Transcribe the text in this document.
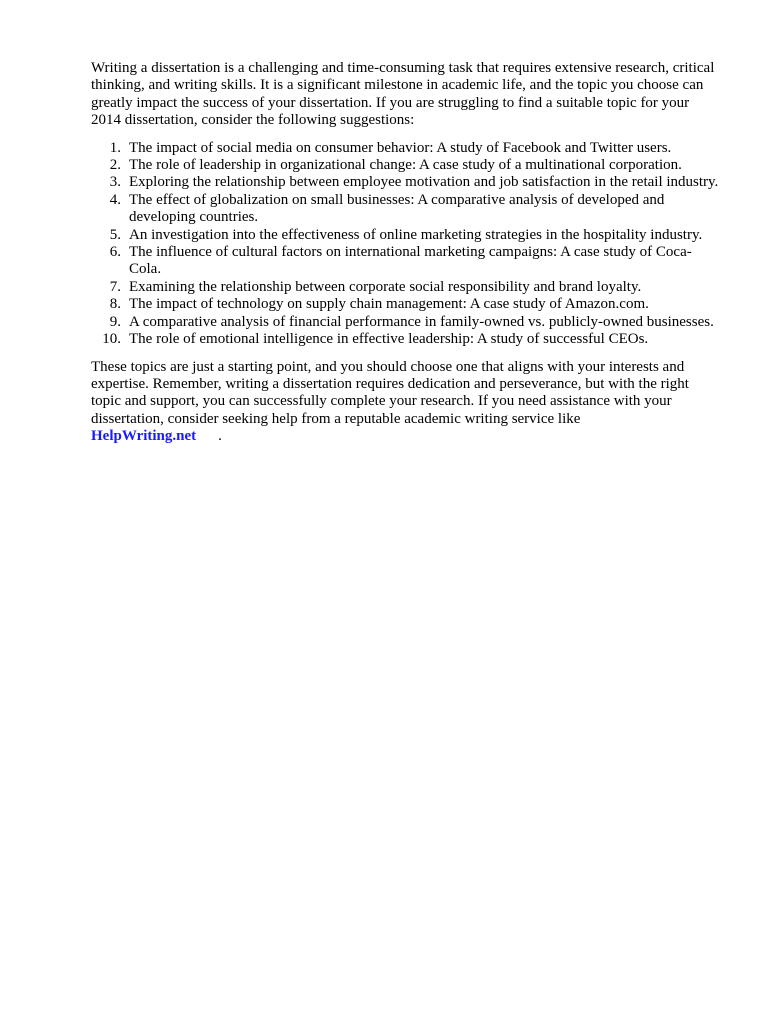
Writing a dissertation is a challenging and time-consuming task that requires extensive research, critical thinking, and writing skills. It is a significant milestone in academic life, and the topic you choose can greatly impact the success of your dissertation. If you are struggling to find a suitable topic for your 2014 dissertation, consider the following suggestions:

1. The impact of social media on consumer behavior: A study of Facebook and Twitter users.
2. The role of leadership in organizational change: A case study of a multinational corporation.
3. Exploring the relationship between employee motivation and job satisfaction in the retail industry.
4. The effect of globalization on small businesses: A comparative analysis of developed and developing countries.
5. An investigation into the effectiveness of online marketing strategies in the hospitality industry.
6. The influence of cultural factors on international marketing campaigns: A case study of Coca-Cola.
7. Examining the relationship between corporate social responsibility and brand loyalty.
8. The impact of technology on supply chain management: A case study of Amazon.com.
9. A comparative analysis of financial performance in family-owned vs. publicly-owned businesses.
10. The role of emotional intelligence in effective leadership: A study of successful CEOs.

These topics are just a starting point, and you should choose one that aligns with your interests and expertise. Remember, writing a dissertation requires dedication and perseverance, but with the right topic and support, you can successfully complete your research. If you need assistance with your dissertation, consider seeking help from a reputable academic writing service like
HelpWriting.net .
